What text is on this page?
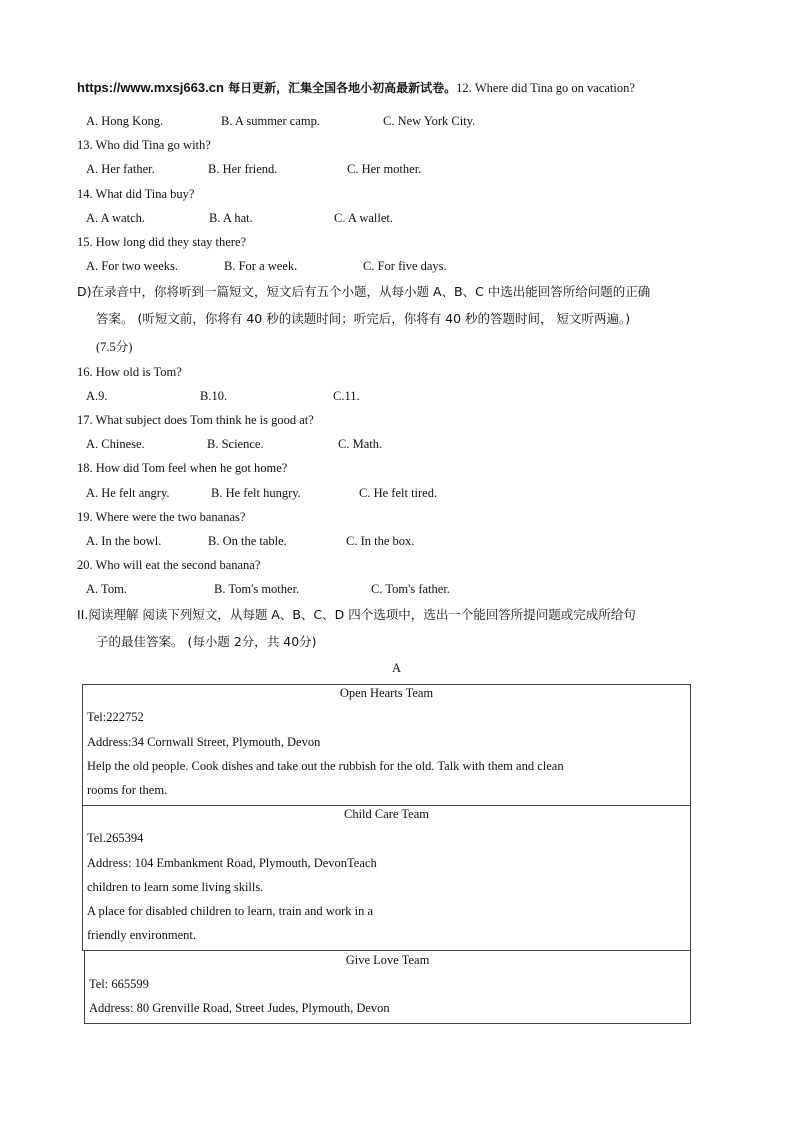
https://www.mxsj663.cn 每日更新，汇集全国各地小初高最新试卷。12. Where did Tina go on vacation?
A. Hong Kong.	B. A summer camp.	C. New York City.
13. Who did Tina go with?
A. Her father.	B. Her friend.	C. Her mother.
14. What did Tina buy?
A. A watch.	B. A hat.	C. A wallet.
15. How long did they stay there?
A. For two weeks.	B. For a week.	C. For five days.
D)在录音中，你将听到一篇短文，短文后有五个小题，从每小题 A、B、C 中选出能回答所给问题的正确
答案。 (听短文前，你将有 40 秒的读题时间；听完后，你将有 40 秒的答题时间， 短文听两遍。)
(7.5分)
16. How old is Tom?
A.9.	B.10.	C.11.
17. What subject does Tom think he is good at?
A. Chinese.	B. Science.	C. Math.
18. How did Tom feel when he got home?
A. He felt angry.	B. He felt hungry.	C. He felt tired.
19. Where were the two bananas?
A. In the bowl.	B. On the table.	C. In the box.
20. Who will eat the second banana?
A. Tom.	B. Tom's mother.	C. Tom's father.
II.阅读理解 阅读下列短文，从每题 A、B、C、D 四个选项中，选出一个能回答所提问题或完成所给句
子的最佳答案。 (每小题 2分，共 40分)
A
Open Hearts Team
Tel:222752
Address:34 Cornwall Street, Plymouth, Devon
Help the old people. Cook dishes and take out the rubbish for the old. Talk with them and clean
rooms for them.
Child Care Team
Tel.265394
Address: 104 Embankment Road, Plymouth, DevonTeach
children to learn some living skills.
A place for disabled children to learn, train and work in a
friendly environment.
Give Love Team
Tel: 665599
Address: 80 Grenville Road, Street Judes, Plymouth, Devon
